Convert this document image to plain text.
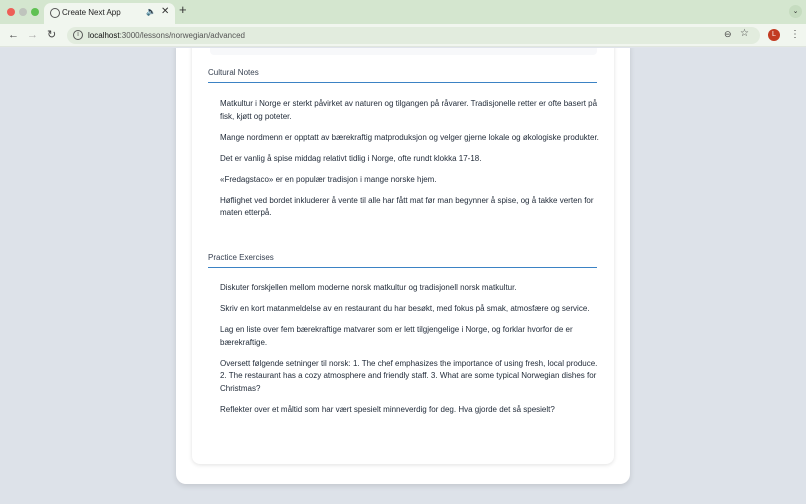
Create Next App	🔈 ✕ +	⌄
← → ↻	i	localhost:3000/lessons/norwegian/advanced	⊖ ☆	L	⋮
Cultural Notes

Matkultur i Norge er sterkt påvirket av naturen og tilgangen på råvarer. Tradisjonelle retter er ofte basert på fisk, kjøtt og poteter.

Mange nordmenn er opptatt av bærekraftig matproduksjon og velger gjerne lokale og økologiske produkter.

Det er vanlig å spise middag relativt tidlig i Norge, ofte rundt klokka 17-18.

«Fredagstaco» er en populær tradisjon i mange norske hjem.

Høflighet ved bordet inkluderer å vente til alle har fått mat før man begynner å spise, og å takke verten for maten etterpå.

Practice Exercises

Diskuter forskjellen mellom moderne norsk matkultur og tradisjonell norsk matkultur.

Skriv en kort matanmeldelse av en restaurant du har besøkt, med fokus på smak, atmosfære og service.

Lag en liste over fem bærekraftige matvarer som er lett tilgjengelige i Norge, og forklar hvorfor de er bærekraftige.

Oversett følgende setninger til norsk: 1. The chef emphasizes the importance of using fresh, local produce. 2. The restaurant has a cozy atmosphere and friendly staff. 3. What are some typical Norwegian dishes for Christmas?

Reflekter over et måltid som har vært spesielt minneverdig for deg. Hva gjorde det så spesielt?
